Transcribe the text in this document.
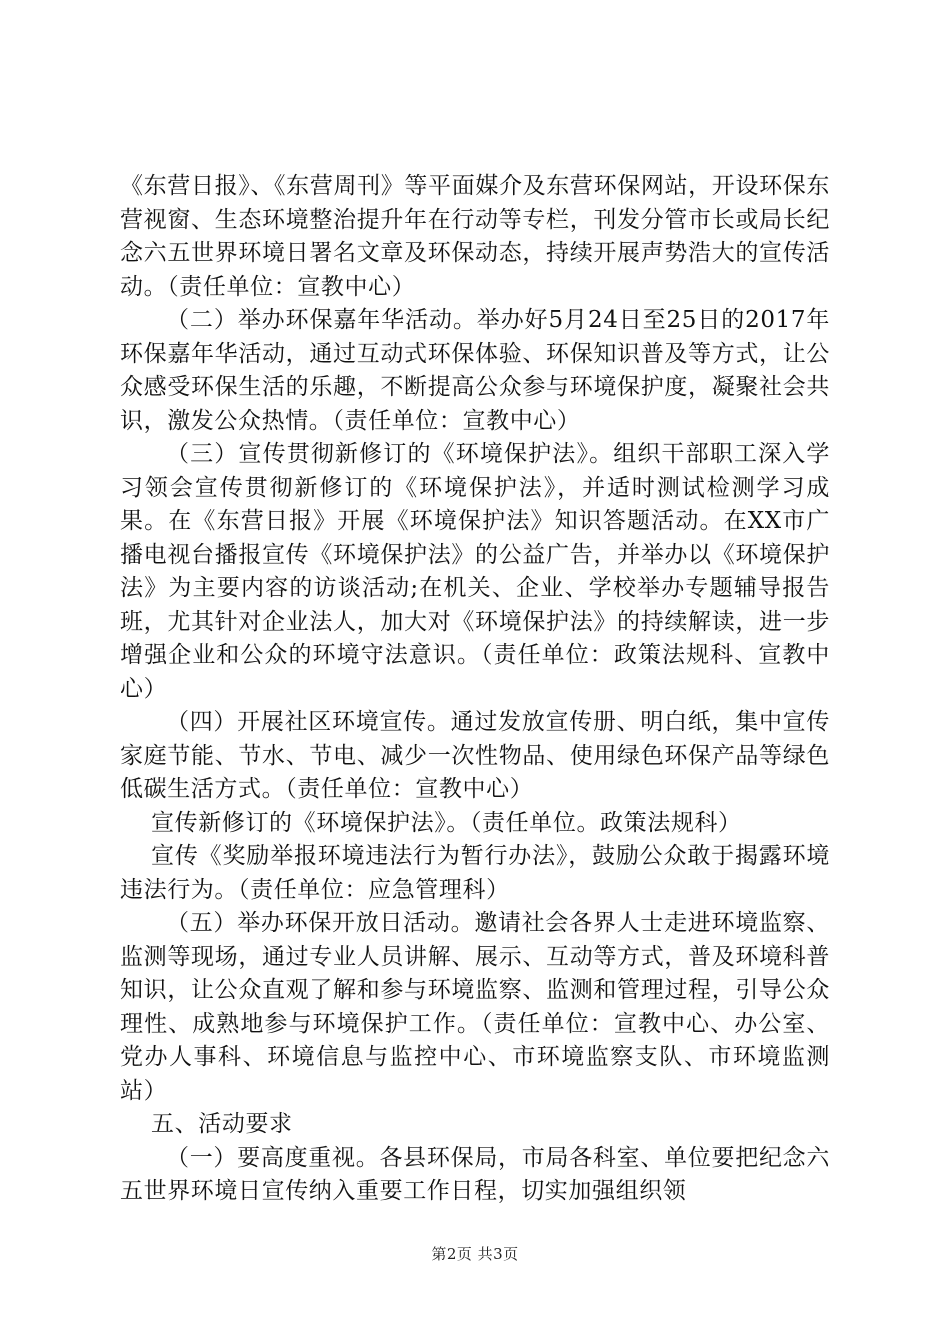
《东营日报》、《东营周刊》等平面媒介及东营环保网站，开设环保东营视窗、生态环境整治提升年在行动等专栏，刊发分管市长或局长纪念六五世界环境日署名文章及环保动态，持续开展声势浩大的宣传活动。（责任单位：宣教中心）

（二）举办环保嘉年华活动。举办好5月24日至25日的2017年环保嘉年华活动，通过互动式环保体验、环保知识普及等方式，让公众感受环保生活的乐趣，不断提高公众参与环境保护度，凝聚社会共识，激发公众热情。（责任单位：宣教中心）

（三）宣传贯彻新修订的《环境保护法》。组织干部职工深入学习领会宣传贯彻新修订的《环境保护法》，并适时测试检测学习成果。在《东营日报》开展《环境保护法》知识答题活动。在XX市广播电视台播报宣传《环境保护法》的公益广告，并举办以《环境保护法》为主要内容的访谈活动;在机关、企业、学校举办专题辅导报告班，尤其针对企业法人，加大对《环境保护法》的持续解读，进一步增强企业和公众的环境守法意识。（责任单位：政策法规科、宣教中心）

（四）开展社区环境宣传。通过发放宣传册、明白纸，集中宣传家庭节能、节水、节电、减少一次性物品、使用绿色环保产品等绿色低碳生活方式。（责任单位：宣教中心）

宣传新修订的《环境保护法》。（责任单位。政策法规科）

宣传《奖励举报环境违法行为暂行办法》，鼓励公众敢于揭露环境违法行为。（责任单位：应急管理科）

（五）举办环保开放日活动。邀请社会各界人士走进环境监察、监测等现场，通过专业人员讲解、展示、互动等方式，普及环境科普知识，让公众直观了解和参与环境监察、监测和管理过程，引导公众理性、成熟地参与环境保护工作。（责任单位：宣教中心、办公室、党办人事科、环境信息与监控中心、市环境监察支队、市环境监测站）

五、活动要求

（一）要高度重视。各县环保局，市局各科室、单位要把纪念六五世界环境日宣传纳入重要工作日程，切实加强组织领

第2页 共3页
